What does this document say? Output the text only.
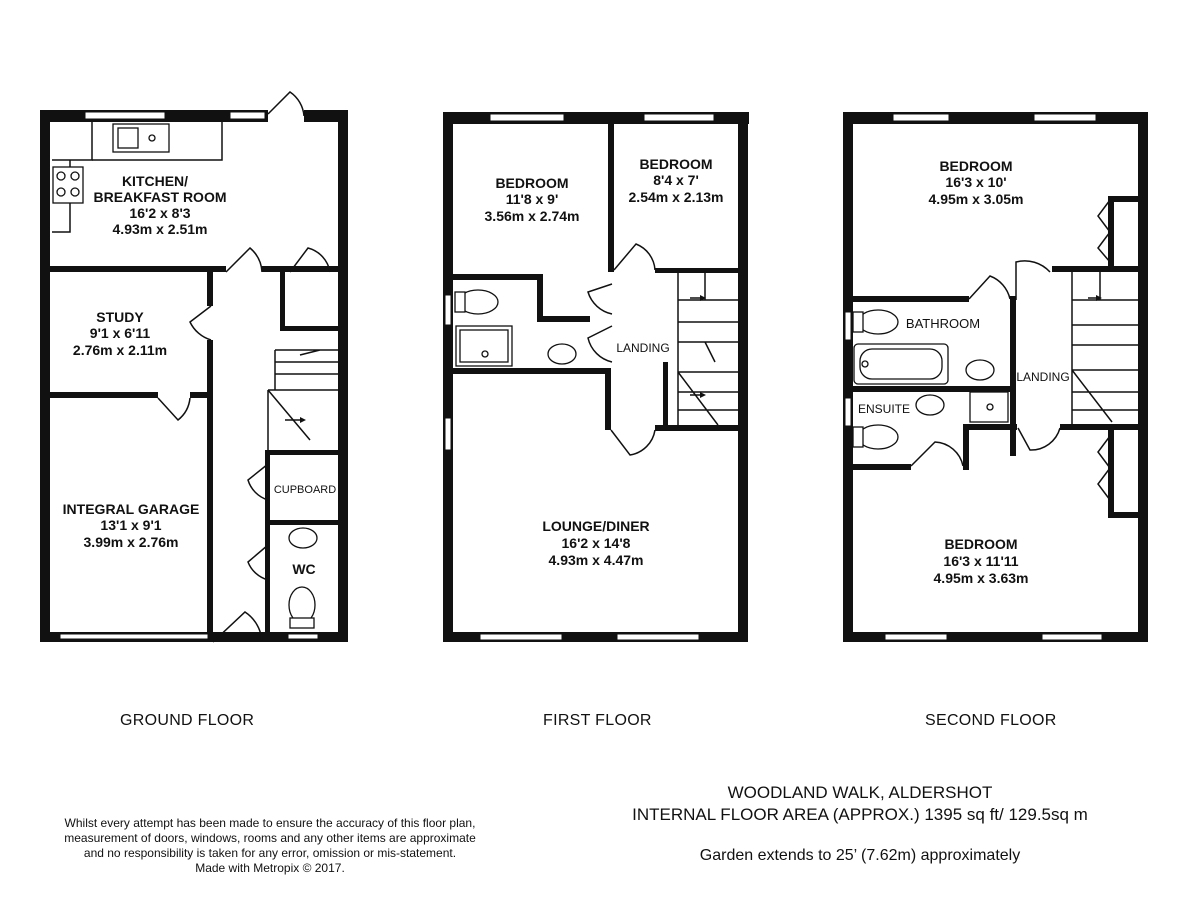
KITCHEN/
BREAKFAST ROOM
16'2 x 8'3
4.93m x 2.51m
STUDY
9'1 x 6'11
2.76m x 2.11m
INTEGRAL GARAGE
13'1 x 9'1
3.99m x 2.76m
CUPBOARD
WC
BEDROOM
11'8 x 9'
3.56m x 2.74m
BEDROOM
8'4 x 7'
2.54m x 2.13m
LANDING
LOUNGE/DINER
16'2 x 14'8
4.93m x 4.47m
BEDROOM
16'3 x 10'
4.95m x 3.05m
BATHROOM
ENSUITE
LANDING
BEDROOM
16'3 x 11'11
4.95m x 3.63m
GROUND FLOOR	FIRST FLOOR	SECOND FLOOR
Whilst every attempt has been made to ensure the accuracy of this floor plan,
measurement of doors, windows, rooms and any other items are approximate
and no responsibility is taken for any error, omission or mis-statement.
Made with Metropix © 2017.
WOODLAND WALK, ALDERSHOT
INTERNAL FLOOR AREA (APPROX.) 1395 sq ft/ 129.5sq m
Garden extends to 25’ (7.62m) approximately
